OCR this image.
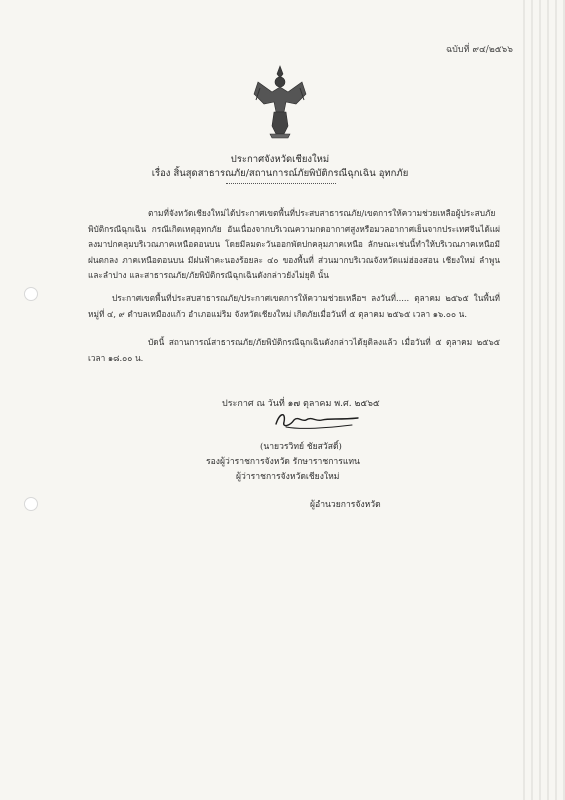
ฉบับที่ ๙๔/๒๕๖๖
ประกาศจังหวัดเชียงใหม่
เรื่อง สิ้นสุดสาธารณภัย/สถานการณ์ภัยพิบัติกรณีฉุกเฉิน อุทกภัย
ตามที่จังหวัดเชียงใหม่ได้ประกาศเขตพื้นที่ประสบสาธารณภัย/เขตการให้ความช่วยเหลือผู้ประสบภัยพิบัติกรณีฉุกเฉิน กรณีเกิดเหตุอุทกภัย อันเนื่องจากบริเวณความกดอากาศสูงหรือมวลอากาศเย็นจากประเทศจีนได้แผ่ลงมาปกคลุมบริเวณภาคเหนือตอนบน โดยมีลมตะวันออกพัดปกคลุมภาคเหนือ ลักษณะเช่นนี้ทำให้บริเวณภาคเหนือมีฝนตกลง ภาคเหนือตอนบน มีฝนฟ้าคะนองร้อยละ ๔๐ ของพื้นที่ ส่วนมากบริเวณจังหวัดแม่ฮ่องสอน เชียงใหม่ ลำพูน และลำปาง และสาธารณภัย/ภัยพิบัติกรณีฉุกเฉินดังกล่าวยังไม่ยุติ นั้น
ประกาศเขตพื้นที่ประสบสาธารณภัย/ประกาศเขตการให้ความช่วยเหลือฯ ลงวันที่..... ตุลาคม ๒๕๖๕ ในพื้นที่หมู่ที่ ๔, ๙ ตำบลเหมืองแก้ว อำเภอแม่ริม จังหวัดเชียงใหม่ เกิดภัยเมื่อวันที่ ๕ ตุลาคม ๒๕๖๕ เวลา ๑๖.๐๐ น.
บัดนี้ สถานการณ์สาธารณภัย/ภัยพิบัติกรณีฉุกเฉินดังกล่าวได้ยุติลงแล้ว เมื่อวันที่ ๕ ตุลาคม ๒๕๖๕ เวลา ๑๘.๐๐ น.
ประกาศ ณ วันที่ ๑๗ ตุลาคม พ.ศ. ๒๕๖๕
(นายวรวิทย์ ชัยสวัสดิ์)
รองผู้ว่าราชการจังหวัด รักษาราชการแทน
ผู้ว่าราชการจังหวัดเชียงใหม่
ผู้อำนวยการจังหวัด
